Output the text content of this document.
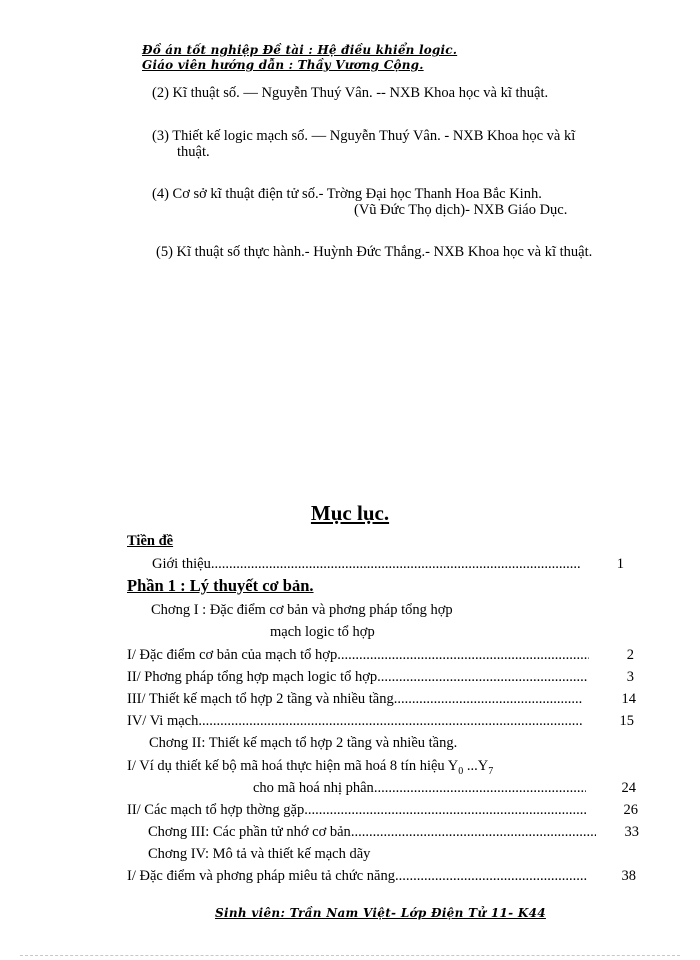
Đồ án tốt nghiệp Đề tài : Hệ điều khiển logic.
Giáo viên hướng dẫn : Thầy Vương Cộng.
(2) Kĩ thuật số. — Nguyễn Thuý Vân. -- NXB Khoa học và kĩ thuật.
(3) Thiết kế logic mạch số. — Nguyễn Thuý Vân. - NXB Khoa học và kĩ
thuật.
(4) Cơ sở kĩ thuật điện tử số.- Trờng Đại học Thanh Hoa Bắc Kinh.
(Vũ Đức Thọ dịch)- NXB Giáo Dục.
(5) Kĩ thuật số thực hành.- Huỳnh Đức Thắng.- NXB Khoa học và kĩ thuật.
Mục lục.
Tiền đề
Giới thiệu .....	1
Phần 1 : Lý thuyết cơ bản.
Chơng I : Đặc điểm cơ bản và phơng pháp tổng hợp
mạch logic tổ hợp
I/ Đặc điểm cơ bản của mạch tổ hợp. .....	2
II/ Phơng pháp tổng hợp mạch logic tổ hợp .....	3
III/ Thiết kế mạch tổ hợp 2 tầng và nhiều tầng .....	14
IV/ Vi mạch .....	15
Chơng II: Thiết kế mạch tổ hợp 2 tầng và nhiều tầng.
I/ Ví dụ thiết kế bộ mã hoá thực hiện mã hoá 8 tín hiệu $Y_0$ $...Y_7$
cho mã hoá nhị phân .....	24
II/ Các mạch tổ hợp thờng gặp .....	26
Chơng III: Các phần tử nhớ cơ bản .....	33
Chơng IV: Mô tả và thiết kế mạch dãy
I/ Đặc điểm và phơng pháp miêu tả chức năng .....	38
Sinh viên: Trần Nam Việt- Lớp Điện Tử 11- K44
